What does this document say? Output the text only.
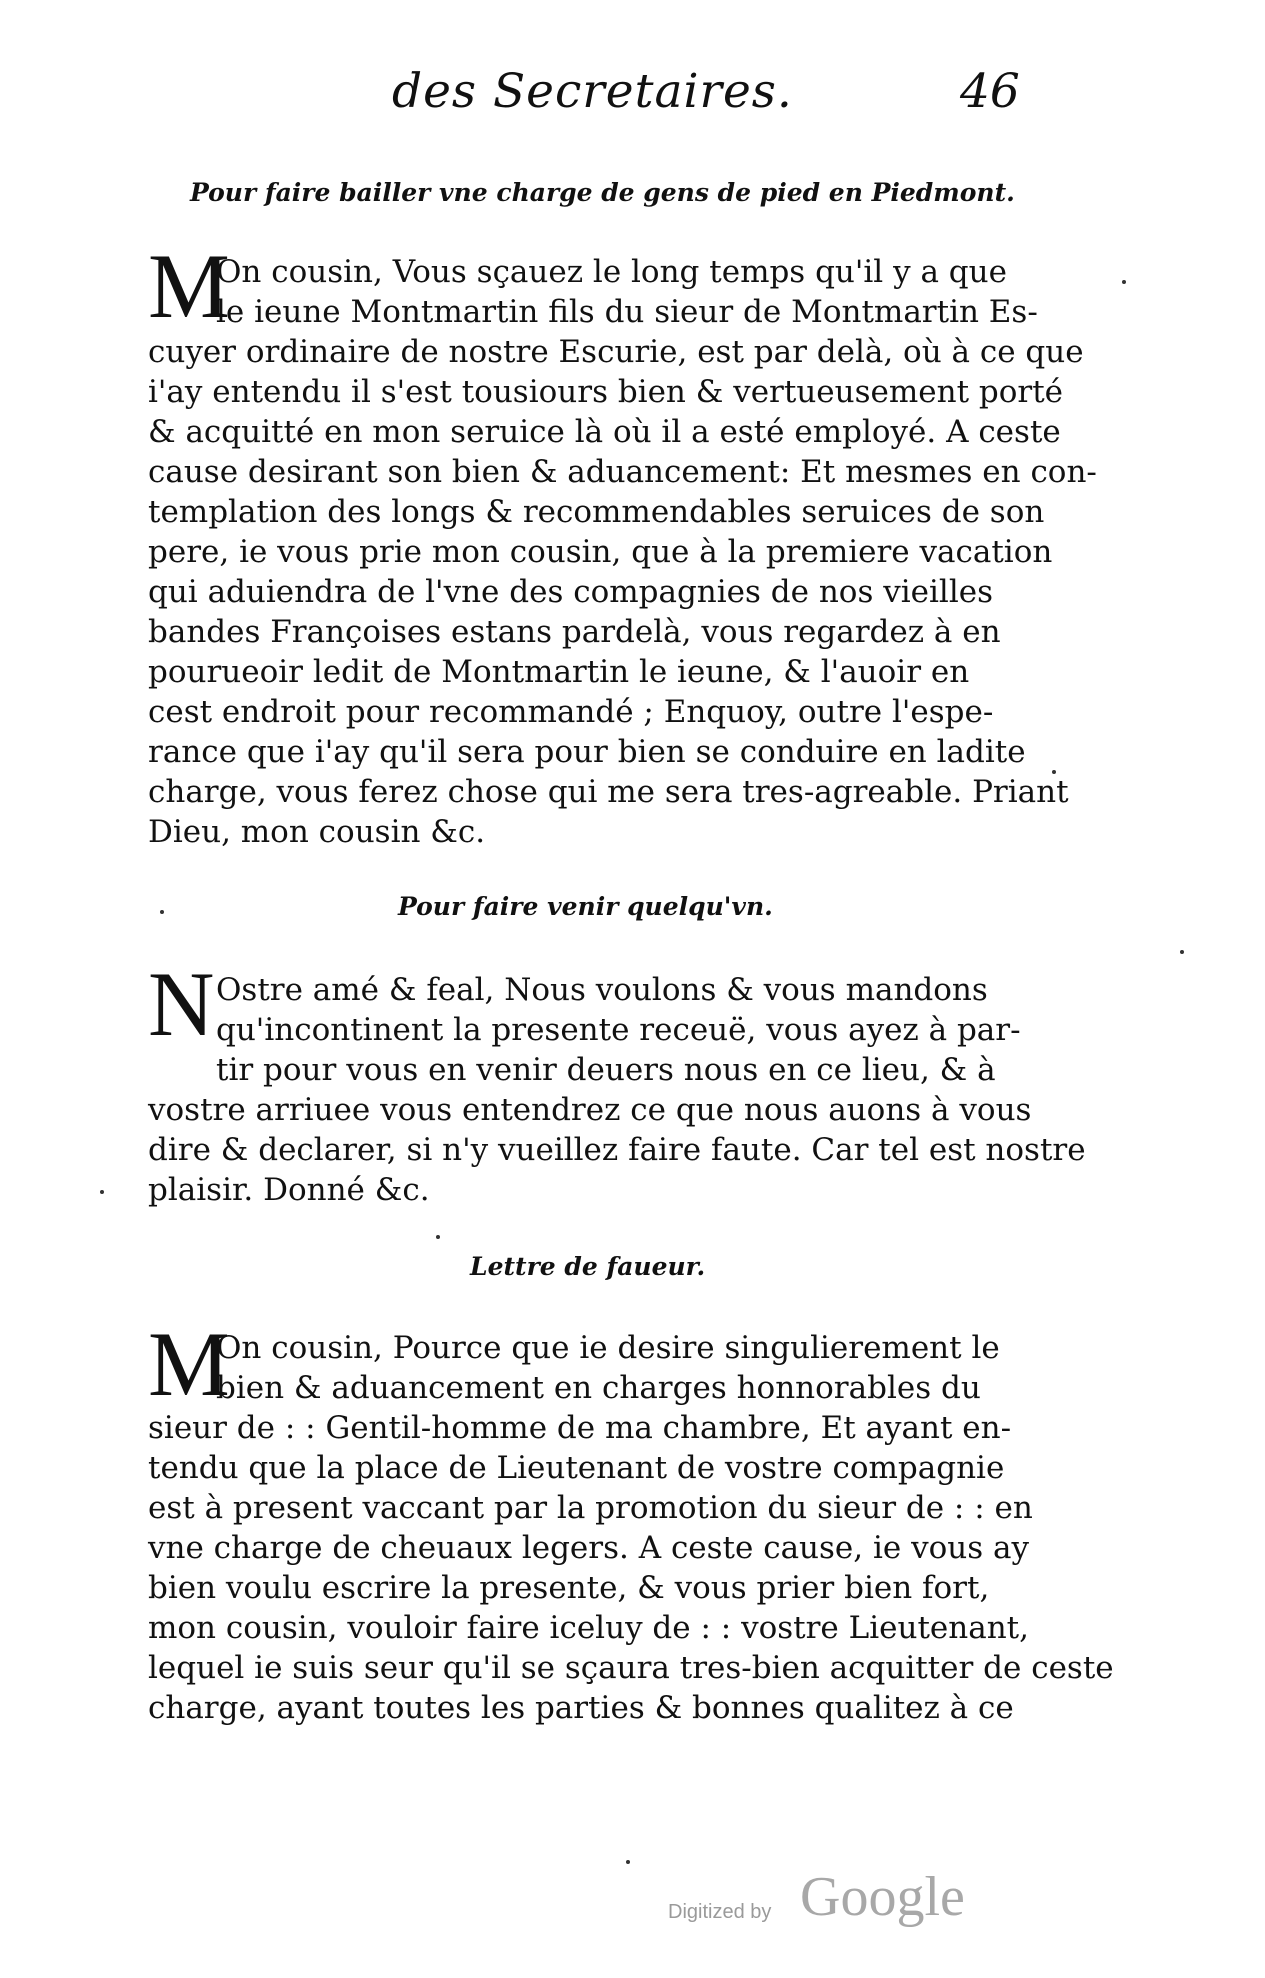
des Secretaires.	46
Pour faire bailler vne charge de gens de pied en Piedmont.
M
On cousin, Vous sçauez le long temps qu'il y a que
le ieune Montmartin fils du sieur de Montmartin Es-
cuyer ordinaire de nostre Escurie, est par delà, où à ce que
i'ay entendu il s'est tousiours bien & vertueusement porté
& acquitté en mon seruice là où il a esté employé. A ceste
cause desirant son bien & aduancement: Et mesmes en con-
templation des longs & recommendables seruices de son
pere, ie vous prie mon cousin, que à la premiere vacation
qui aduiendra de l'vne des compagnies de nos vieilles
bandes Françoises estans pardelà, vous regardez à en
pourueoir ledit de Montmartin le ieune, & l'auoir en
cest endroit pour recommandé ; Enquoy, outre l'espe-
rance que i'ay qu'il sera pour bien se conduire en ladite
charge, vous ferez chose qui me sera tres-agreable. Priant
Dieu, mon cousin &c.
Pour faire venir quelqu'vn.
N Ostre amé & feal, Nous voulons & vous mandons
qu'incontinent la presente receuë, vous ayez à par-
tir pour vous en venir deuers nous en ce lieu, & à
vostre arriuee vous entendrez ce que nous auons à vous
dire & declarer, si n'y vueillez faire faute. Car tel est nostre
plaisir. Donné &c.
Lettre de faueur.
M
On cousin, Pource que ie desire singulierement le
bien & aduancement en charges honnorables du
sieur de : : Gentil-homme de ma chambre, Et ayant en-
tendu que la place de Lieutenant de vostre compagnie
est à present vaccant par la promotion du sieur de : : en
vne charge de cheuaux legers. A ceste cause, ie vous ay
bien voulu escrire la presente, & vous prier bien fort,
mon cousin, vouloir faire iceluy de : : vostre Lieutenant,
lequel ie suis seur qu'il se sçaura tres-bien acquitter de ceste
charge, ayant toutes les parties & bonnes qualitez à ce
Digitized by Google
